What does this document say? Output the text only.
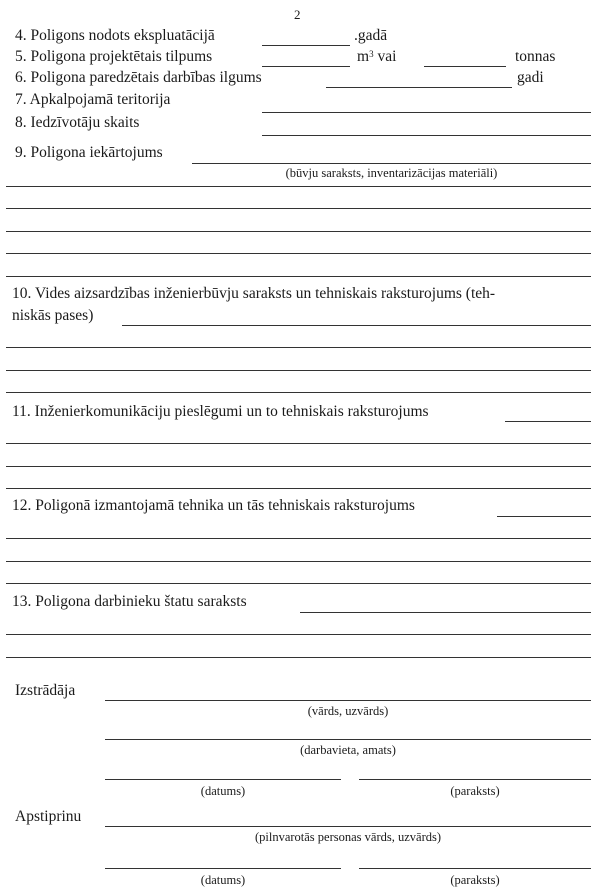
2
4. Poligons nodots ekspluatācijā	.gadā
5. Poligona projektētais tilpums	$m^3$ vai	tonnas
6. Poligona paredzētais darbības ilgums	gadi
7. Apkalpojamā teritorija
8. Iedzīvotāju skaits
9. Poligona iekārtojums
(būvju saraksts, inventarizācijas materiāli)
10. Vides aizsardzības inženierbūvju saraksts un tehniskais raksturojums (teh-
niskās pases)
11. Inženierkomunikāciju pieslēgumi un to tehniskais raksturojums
12. Poligonā izmantojamā tehnika un tās tehniskais raksturojums
13. Poligona darbinieku štatu saraksts
Izstrādāja
(vārds, uzvārds)
(darbavieta, amats)
(datums)	(paraksts)
Apstiprinu
(pilnvarotās personas vārds, uzvārds)
(datums)	(paraksts)
